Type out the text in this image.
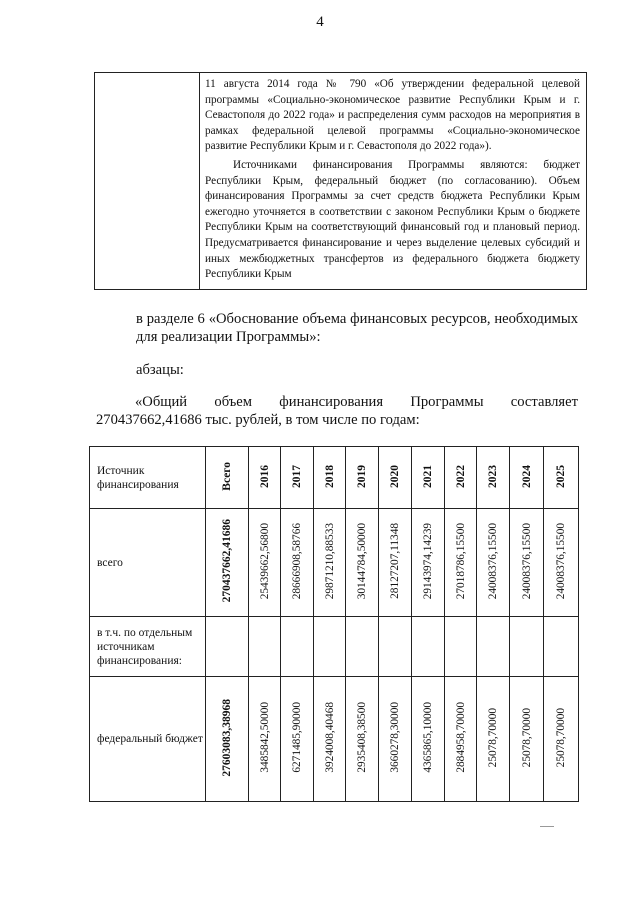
4

11 августа 2014 года № 790 «Об утверждении федеральной целевой программы «Социально-экономическое развитие Республики Крым и г. Севастополя до 2022 года» и распределения сумм расходов на мероприятия в рамках федеральной целевой программы «Социально-экономическое развитие Республики Крым и г. Севастополя до 2022 года»).

Источниками финансирования Программы являются: бюджет Республики Крым, федеральный бюджет (по согласованию). Объем финансирования Программы за счет средств бюджета Республики Крым ежегодно уточняется в соответствии с законом Республики Крым о бюджете Республики Крым на соответствующий финансовый год и плановый период. Предусматривается финансирование и через выделение целевых субсидий и иных межбюджетных трансфертов из федерального бюджета бюджету Республики Крым

в разделе 6 «Обоснование объема финансовых ресурсов, необходимых для реализации Программы»:
абзацы:
«Общий объем финансирования Программы составляет 270437662,41686 тыс. рублей, в том числе по годам:
Источник финансирования	Всего	2016	2017	2018	2019	2020	2021	2022	2023	2024	2025
всего	270437662,41686	25439662,56800	28666908,58766	29871210,88533	30144784,50000	28127207,11348	29143974,14239	27018786,15500	24008376,15500	24008376,15500	24008376,15500
в т.ч. по отдельным источникам финансирования:											
федеральный бюджет	27603083,38968	3485842,50000	6271485,90000	3924008,40468	2935408,38500	3660278,30000	4365865,10000	2884958,70000	25078,70000	25078,70000	25078,70000
